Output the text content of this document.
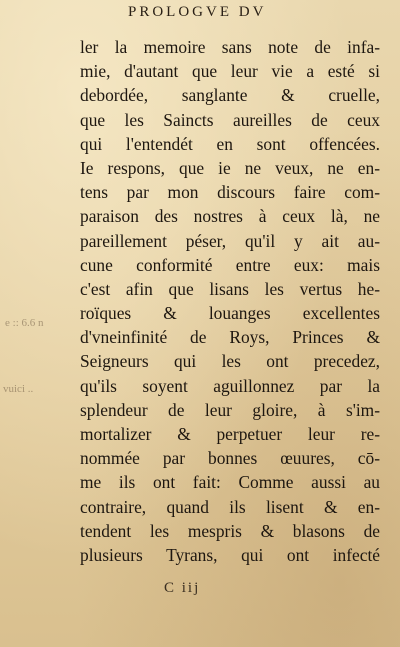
PROLOGVE DV
e :: 6.6 n
vuici ..
ler la memoire sans note de infa-
mie, d'autant que leur vie a esté si
debordée, sanglante & cruelle,
que les Saincts aureilles de ceux
qui l'entendét en sont offencées.
Ie respons, que ie ne veux, ne en-
tens par mon discours faire com-
paraison des nostres à ceux là, ne
pareillement péser, qu'il y ait au-
cune conformité entre eux: mais
c'est afin que lisans les vertus he-
roïques & louanges excellentes
d'vneinfinité de Roys, Princes &
Seigneurs qui les ont precedez,
qu'ils soyent aguillonnez par la
splendeur de leur gloire, à s'im-
mortalizer & perpetuer leur re-
nommée par bonnes œuures, cō-
me ils ont fait: Comme aussi au
contraire, quand ils lisent & en-
tendent les mespris & blasons de
plusieurs Tyrans, qui ont infecté
C iij
